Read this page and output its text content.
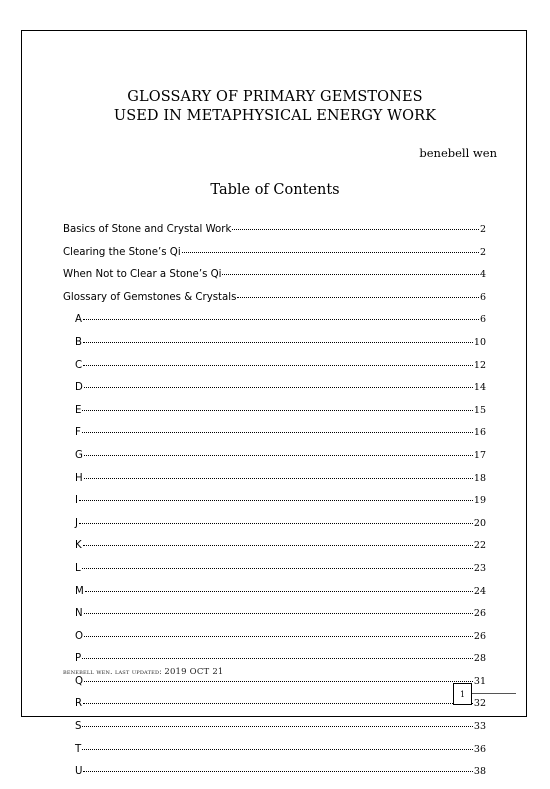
GLOSSARY OF PRIMARY GEMSTONES
USED IN METAPHYSICAL ENERGY WORK
benebell wen
Table of Contents
Basics of Stone and Crystal Work	2
Clearing the Stone’s Qi	2
When Not to Clear a Stone’s Qi	4
Glossary of Gemstones & Crystals	6
A	6
B	10
C	12
D	14
E	15
F	16
G	17
H	18
I	19
J	20
K	22
L	23
M	24
N	26
O	26
P	28
Q	31
R	32
S	33
T	36
U	38
benebell wen. last updated: 2019 OCT 21
1
